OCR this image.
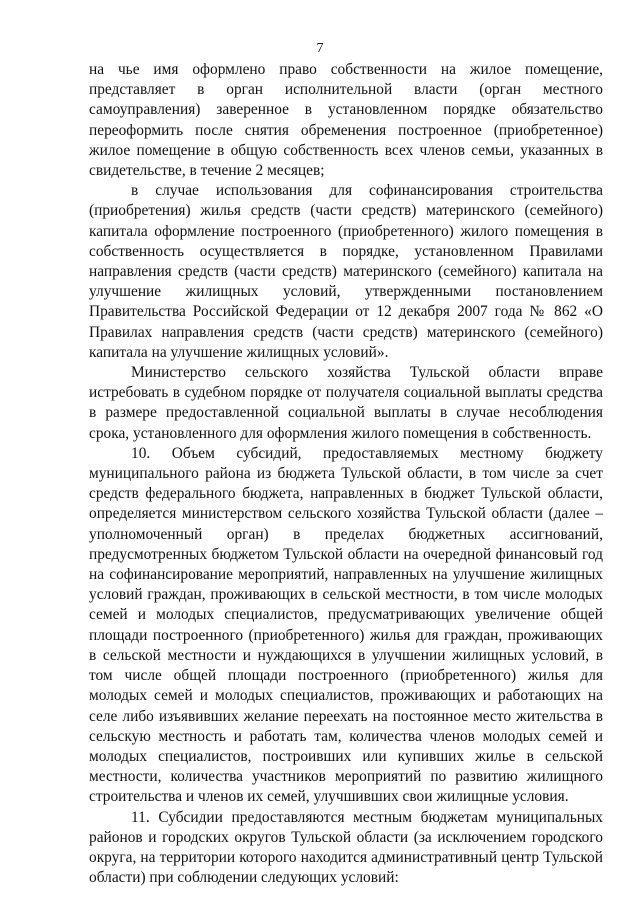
7

на чье имя оформлено право собственности на жилое помещение, представляет в орган исполнительной власти (орган местного самоуправления) заверенное в установленном порядке обязательство переоформить после снятия обременения построенное (приобретенное) жилое помещение в общую собственность всех членов семьи, указанных в свидетельстве, в течение 2 месяцев;

в случае использования для софинансирования строительства (приобретения) жилья средств (части средств) материнского (семейного) капитала оформление построенного (приобретенного) жилого помещения в собственность осуществляется в порядке, установленном Правилами направления средств (части средств) материнского (семейного) капитала на улучшение жилищных условий, утвержденными постановлением Правительства Российской Федерации от 12 декабря 2007 года № 862 «О Правилах направления средств (части средств) материнского (семейного) капитала на улучшение жилищных условий».

Министерство сельского хозяйства Тульской области вправе истребовать в судебном порядке от получателя социальной выплаты средства в размере предоставленной социальной выплаты в случае несоблюдения срока, установленного для оформления жилого помещения в собственность.

10. Объем субсидий, предоставляемых местному бюджету муниципального района из бюджета Тульской области, в том числе за счет средств федерального бюджета, направленных в бюджет Тульской области, определяется министерством сельского хозяйства Тульской области (далее – уполномоченный орган) в пределах бюджетных ассигнований, предусмотренных бюджетом Тульской области на очередной финансовый год на софинансирование мероприятий, направленных на улучшение жилищных условий граждан, проживающих в сельской местности, в том числе молодых семей и молодых специалистов, предусматривающих увеличение общей площади построенного (приобретенного) жилья для граждан, проживающих в сельской местности и нуждающихся в улучшении жилищных условий, в том числе общей площади построенного (приобретенного) жилья для молодых семей и молодых специалистов, проживающих и работающих на селе либо изъявивших желание переехать на постоянное место жительства в сельскую местность и работать там, количества членов молодых семей и молодых специалистов, построивших или купивших жилье в сельской местности, количества участников мероприятий по развитию жилищного строительства и членов их семей, улучшивших свои жилищные условия.

11. Субсидии предоставляются местным бюджетам муниципальных районов и городских округов Тульской области (за исключением городского округа, на территории которого находится административный центр Тульской области) при соблюдении следующих условий:
